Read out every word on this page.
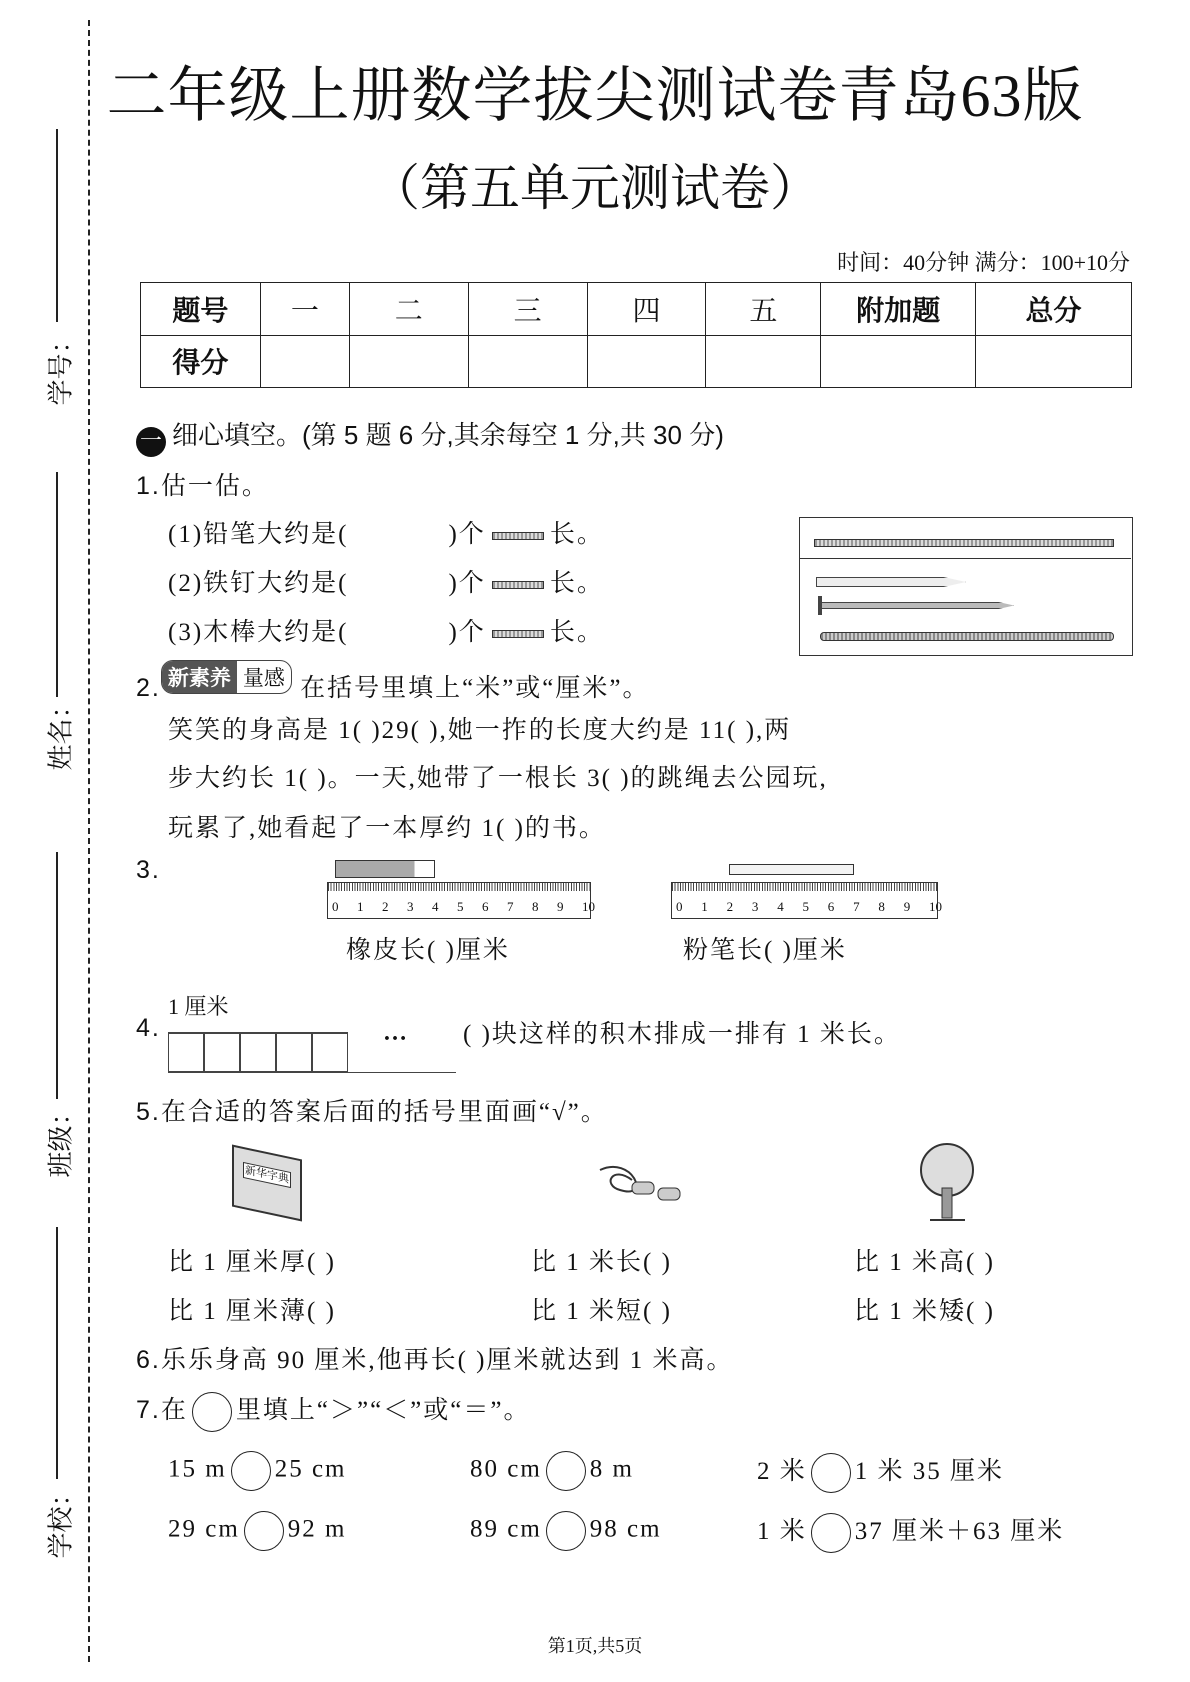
学号：
姓名：
班级：
学校：
二年级上册数学拔尖测试卷青岛63版
（第五单元测试卷）
时间：40分钟 满分：100+10分
题号	一	二	三	四	五	附加题	总分
得分							
一 细心填空。(第 5 题 6 分,其余每空 1 分,共 30 分)
1.估一估。
(1)铅笔大约是(	)个	长。
(2)铁钉大约是(	)个	长。
(3)木棒大约是(	)个	长。
2. 新素养 量感 在括号里填上“米”或“厘米”。
笑笑的身高是 1( )29( ),她一拃的长度大约是 11( ),两
步大约长 1( )。一天,她带了一根长 3( )的跳绳去公园玩,
玩累了,她看起了一本厚约 1( )的书。
3.
0 1 2 3 4 5 6 7 8 9 10	0 1 2 3 4 5 6 7 8 9 10
橡皮长( )厘米	粉笔长( )厘米
1 厘米
4.	… ( )块这样的积木排成一排有 1 米长。
5.在合适的答案后面的括号里面画“√”。
新华字典
比 1 厘米厚( )
比 1 厘米薄( )
比 1 米长( )
比 1 米短( )
比 1 米高( )
比 1 米矮( )
6.乐乐身高 90 厘米,他再长( )厘米就达到 1 米高。
7.在 里填上“＞”“＜”或“＝”。
15 m 25 cm	80 cm 8 m	2 米 1 米 35 厘米
29 cm 92 m	89 cm 98 cm	1 米 37 厘米＋63 厘米
第1页,共5页
